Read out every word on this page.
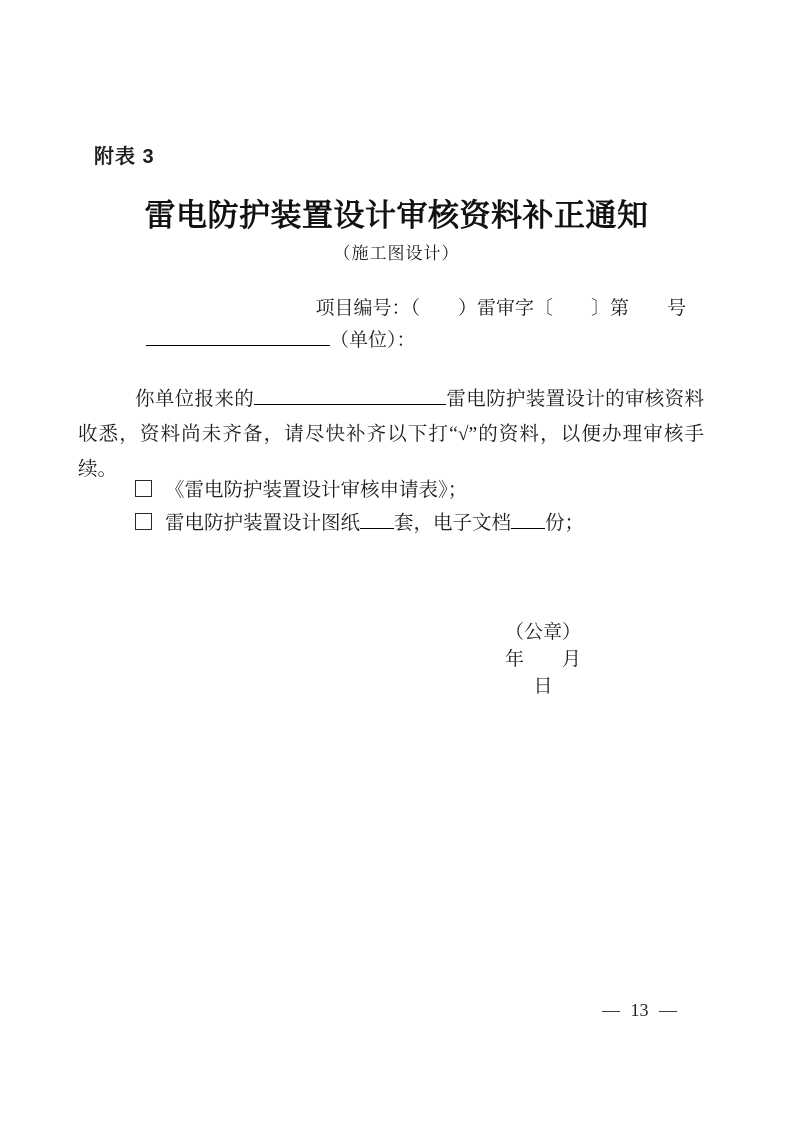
附表 3
雷电防护装置设计审核资料补正通知
（施工图设计）
项目编号：（　　）雷审字〔　　〕第　　号
（单位）：

你单位报来的	雷电防护装置设计的审核资料收悉，资料尚未齐备，请尽快补齐以下打“√”的资料，以便办理审核手续。

《雷电防护装置设计审核申请表》；
雷电防护装置设计图纸 套，电子文档 份；
（公章）
年　　月　　日
— 13 —
